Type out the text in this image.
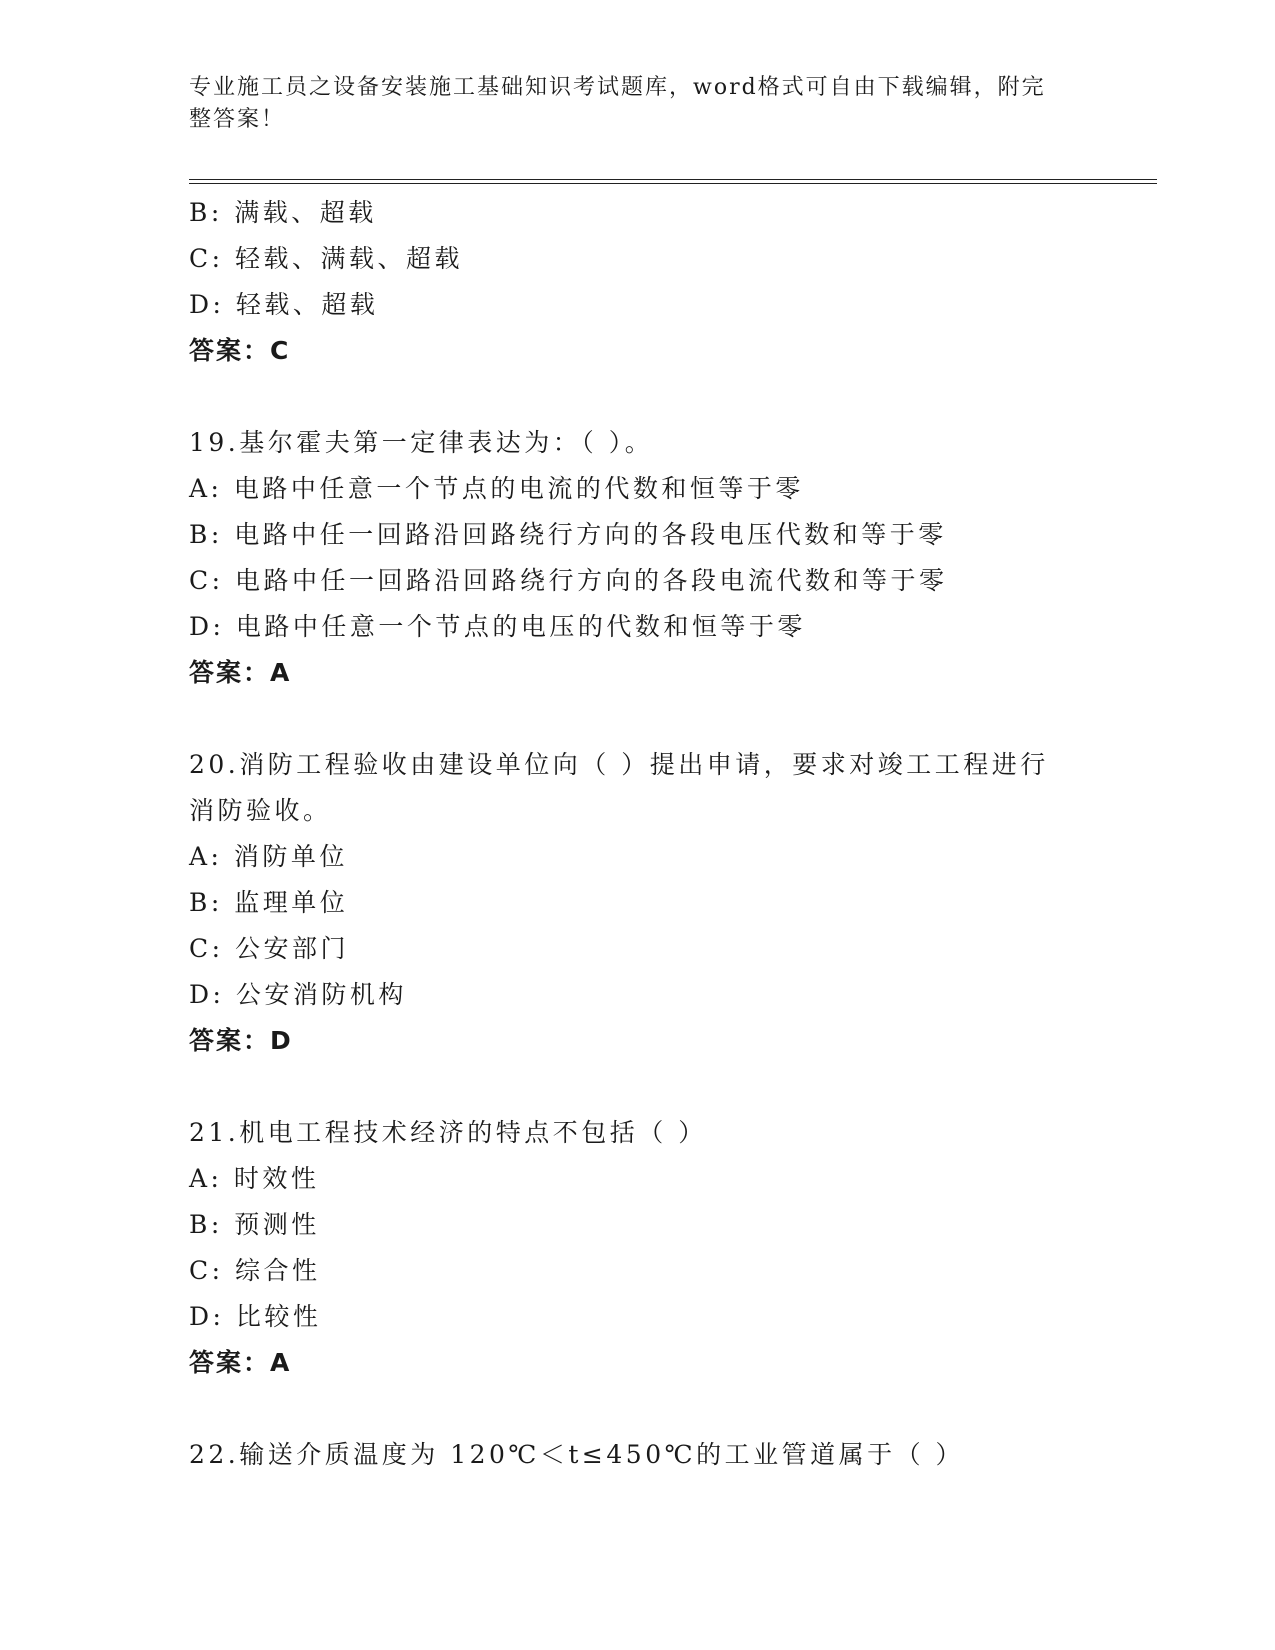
专业施工员之设备安装施工基础知识考试题库，word格式可自由下载编辑，附完
整答案！
B: 满载、超载
C: 轻载、满载、超载
D: 轻载、超载
答案：C
19.基尔霍夫第一定律表达为：（ ）。
A: 电路中任意一个节点的电流的代数和恒等于零
B: 电路中任一回路沿回路绕行方向的各段电压代数和等于零
C: 电路中任一回路沿回路绕行方向的各段电流代数和等于零
D: 电路中任意一个节点的电压的代数和恒等于零
答案：A
20.消防工程验收由建设单位向（ ）提出申请，要求对竣工工程进行
消防验收。
A: 消防单位
B: 监理单位
C: 公安部门
D: 公安消防机构
答案：D
21.机电工程技术经济的特点不包括（ ）
A: 时效性
B: 预测性
C: 综合性
D: 比较性
答案：A
22.输送介质温度为 120℃＜t≤450℃的工业管道属于（ ）
